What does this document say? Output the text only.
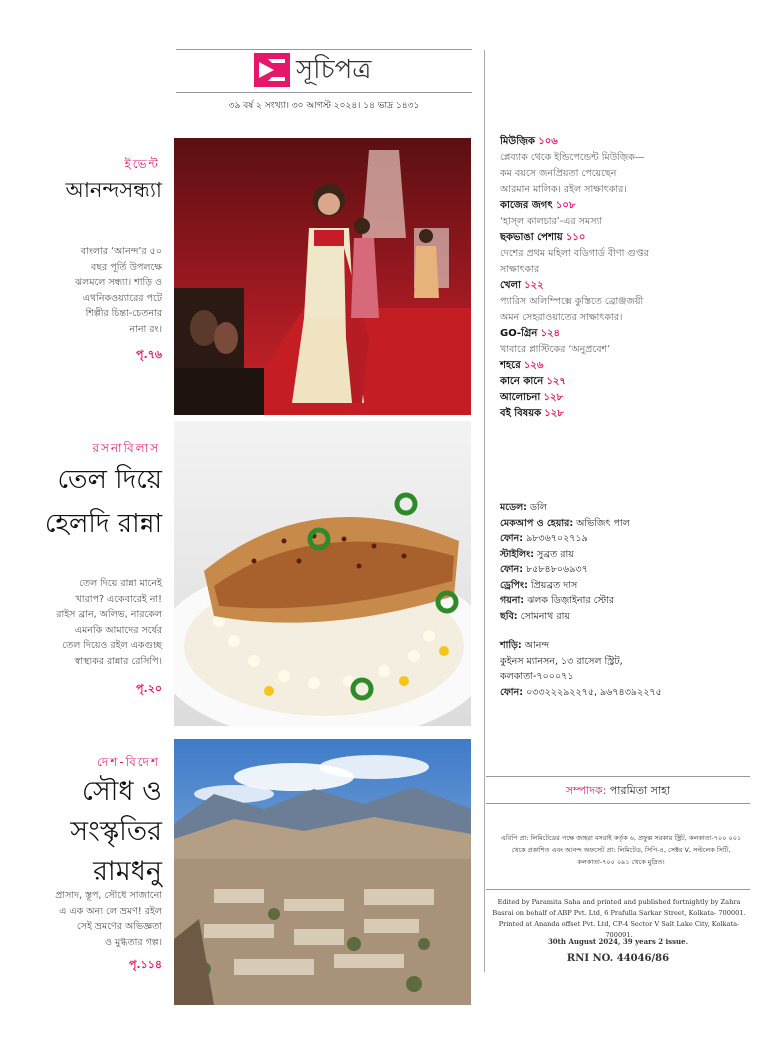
সূচিপত্র
৩৯ বর্ষ ২ সংখ্যা। ৩০ আগস্ট ২০২৪। ১৪ ভাদ্র ১৪৩১
ইভেন্ট
আনন্দসন্ধ্যা
বাংলার ‘আনন্দ’র ৫০
বছর পূর্তি উপলক্ষে
ঝলমলে সন্ধ্যা। শাড়ি ও
এথনিকওয়্যারের পটে
শিল্পীর চিন্তা-চেতনার
নানা রং।
পৃ.৭৬
রসনাবিলাস
তেল দিয়ে
হেলদি রান্না
তেল দিয়ে রান্না মানেই
খারাপ? একেবারেই না!
রাইস ব্রান, অলিভ, নারকেল
এমনকি আমাদের সর্ষের
তেল দিয়েও রইল একগুচ্ছ
স্বাস্থ্যকর রান্নার রেসিপি।
পৃ.২০
দেশ-বিদেশ
সৌধ ও
সংস্কৃতির
রামধনু
প্রাসাদ, স্তূপ, সৌধে সাজানো
এ এক অন্য লে ভ্রমণ! রইল
সেই ভ্রমণের অভিজ্ঞতা
ও মুগ্ধতার গল্প।
পৃ.১১৪
মিউজ়িক ১০৬
প্লেব্যাক থেকে ইন্ডিপেন্ডেন্ট মিউজ়িক—
কম বয়সে জনপ্রিয়তা পেয়েছেন
আরমান মালিক। রইল সাক্ষাৎকার।
কাজের জগৎ ১০৮
‘হাস্‌ল কালচার’-এর সমস্যা
ছকভাঙা পেশায় ১১০
দেশের প্রথম মহিলা বডিগার্ড বীণা গুপ্তর
সাক্ষাৎকার
খেলা ১২২
প্যারিস অলিম্পিক্সে কুস্তিতে ব্রোঞ্জজয়ী
অমন সেহরাওয়াতের সাক্ষাৎকার।
GO-গ্রিন ১২৪
খাবারে প্লাস্টিকের ‘অনুপ্রবেশ’
শহরে ১২৬
কানে কানে ১২৭
আলোচনা ১২৮
বই বিষয়ক ১২৮
মডেল: ডলি
মেকআপ ও হেয়ার: অভিজিৎ পাল
ফোন: ৯৮৩৬৭০২৭১৯
স্টাইলিং: সুব্রত রায়
ফোন: ৮৫৮৪৮০৬৯৩৭
ড্রেপিং: প্রিয়ব্রত দাস
গয়না: ঝলক ডিজ়াইনার স্টোর
ছবি: সোমনাথ রায়
শাড়ি: আনন্দ
কুইনস ম্যানসন, ১৩ রাসেল স্ট্রিট,
কলকাতা-৭০০০৭১
ফোন: ০৩৩২২২৯২২৭৫, ৯৬৭৪৩৯২২৭৫
সম্পাদক: পারমিতা সাহা
এবিপি প্রা: লিমিটেডের পক্ষে জাহরা বসরাই কর্তৃক ৬, প্রফুল্ল সরকার স্ট্রিট, কলকাতা-৭০০ ০০১
থেকে প্রকাশিত এবং আনন্দ অফসেট প্রা: লিমিটেড, সিপি-৪, সেক্টর V, সল্টলেক সিটি,
কলকাতা-৭০০ ০৯১ থেকে মুদ্রিত।
Edited by Paramita Saha and printed and published fortnightly by Zahra
Basrai on behalf of ABP Pvt. Ltd, 6 Prafulla Sarkar Street, Kolkata- 700001.
Printed at Ananda offset Pvt. Ltd, CP-4 Sector V Salt Lake City, Kolkata- 700091.
30th August 2024, 39 years 2 issue.
RNI NO. 44046/86
